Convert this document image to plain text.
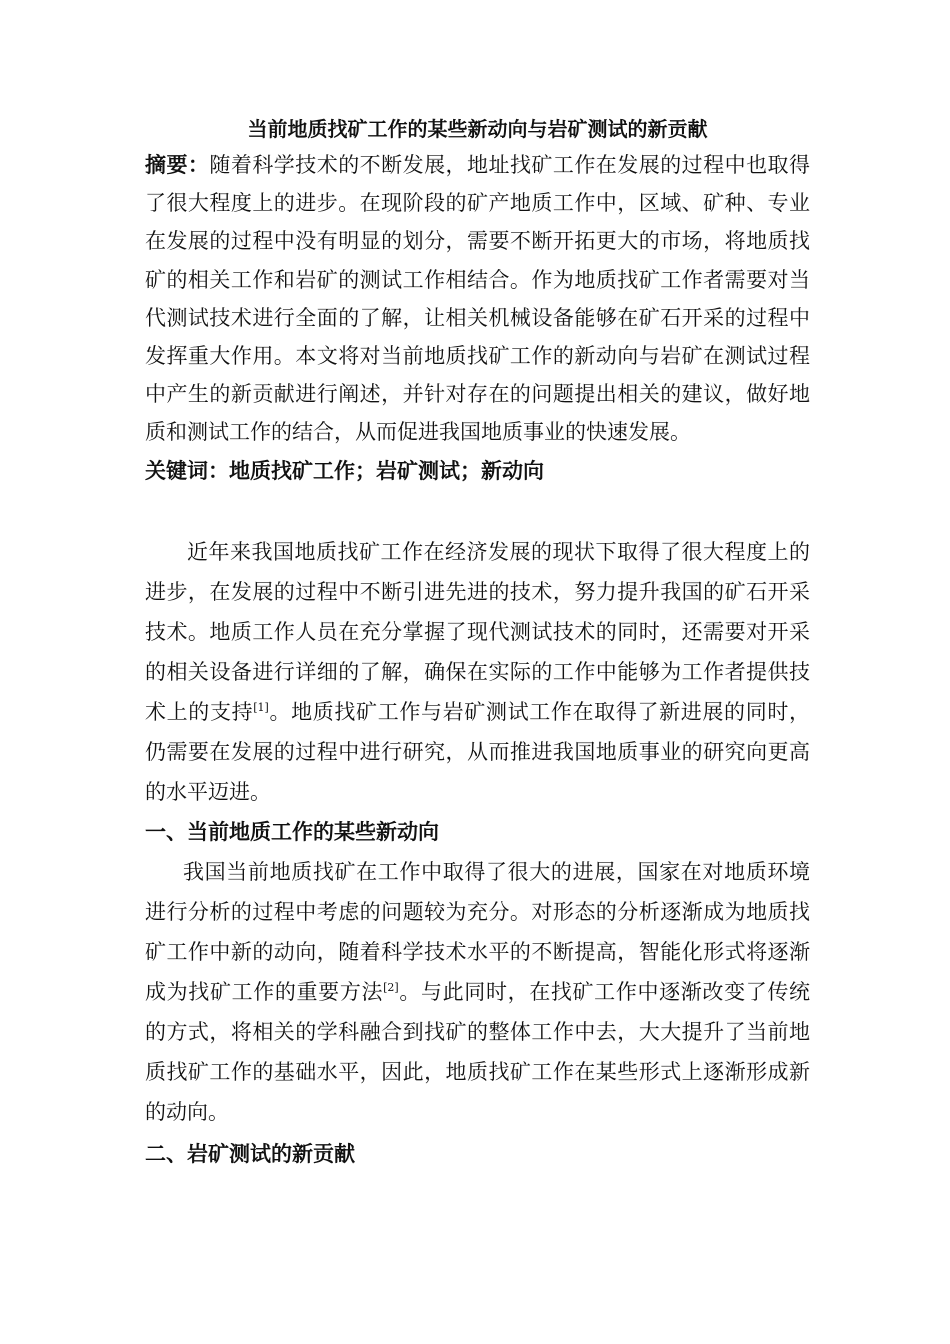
当前地质找矿工作的某些新动向与岩矿测试的新贡献

摘要：随着科学技术的不断发展，地址找矿工作在发展的过程中也取得了很大程度上的进步。在现阶段的矿产地质工作中，区域、矿种、专业在发展的过程中没有明显的划分，需要不断开拓更大的市场，将地质找矿的相关工作和岩矿的测试工作相结合。作为地质找矿工作者需要对当代测试技术进行全面的了解，让相关机械设备能够在矿石开采的过程中发挥重大作用。本文将对当前地质找矿工作的新动向与岩矿在测试过程中产生的新贡献进行阐述，并针对存在的问题提出相关的建议，做好地质和测试工作的结合，从而促进我国地质事业的快速发展。

关键词：地质找矿工作；岩矿测试；新动向

近年来我国地质找矿工作在经济发展的现状下取得了很大程度上的进步，在发展的过程中不断引进先进的技术，努力提升我国的矿石开采技术。地质工作人员在充分掌握了现代测试技术的同时，还需要对开采的相关设备进行详细的了解，确保在实际的工作中能够为工作者提供技术上的支持[1]。地质找矿工作与岩矿测试工作在取得了新进展的同时，仍需要在发展的过程中进行研究，从而推进我国地质事业的研究向更高的水平迈进。

一、当前地质工作的某些新动向

我国当前地质找矿在工作中取得了很大的进展，国家在对地质环境进行分析的过程中考虑的问题较为充分。对形态的分析逐渐成为地质找矿工作中新的动向，随着科学技术水平的不断提高，智能化形式将逐渐成为找矿工作的重要方法[2]。与此同时，在找矿工作中逐渐改变了传统的方式，将相关的学科融合到找矿的整体工作中去，大大提升了当前地质找矿工作的基础水平，因此，地质找矿工作在某些形式上逐渐形成新的动向。

二、岩矿测试的新贡献
